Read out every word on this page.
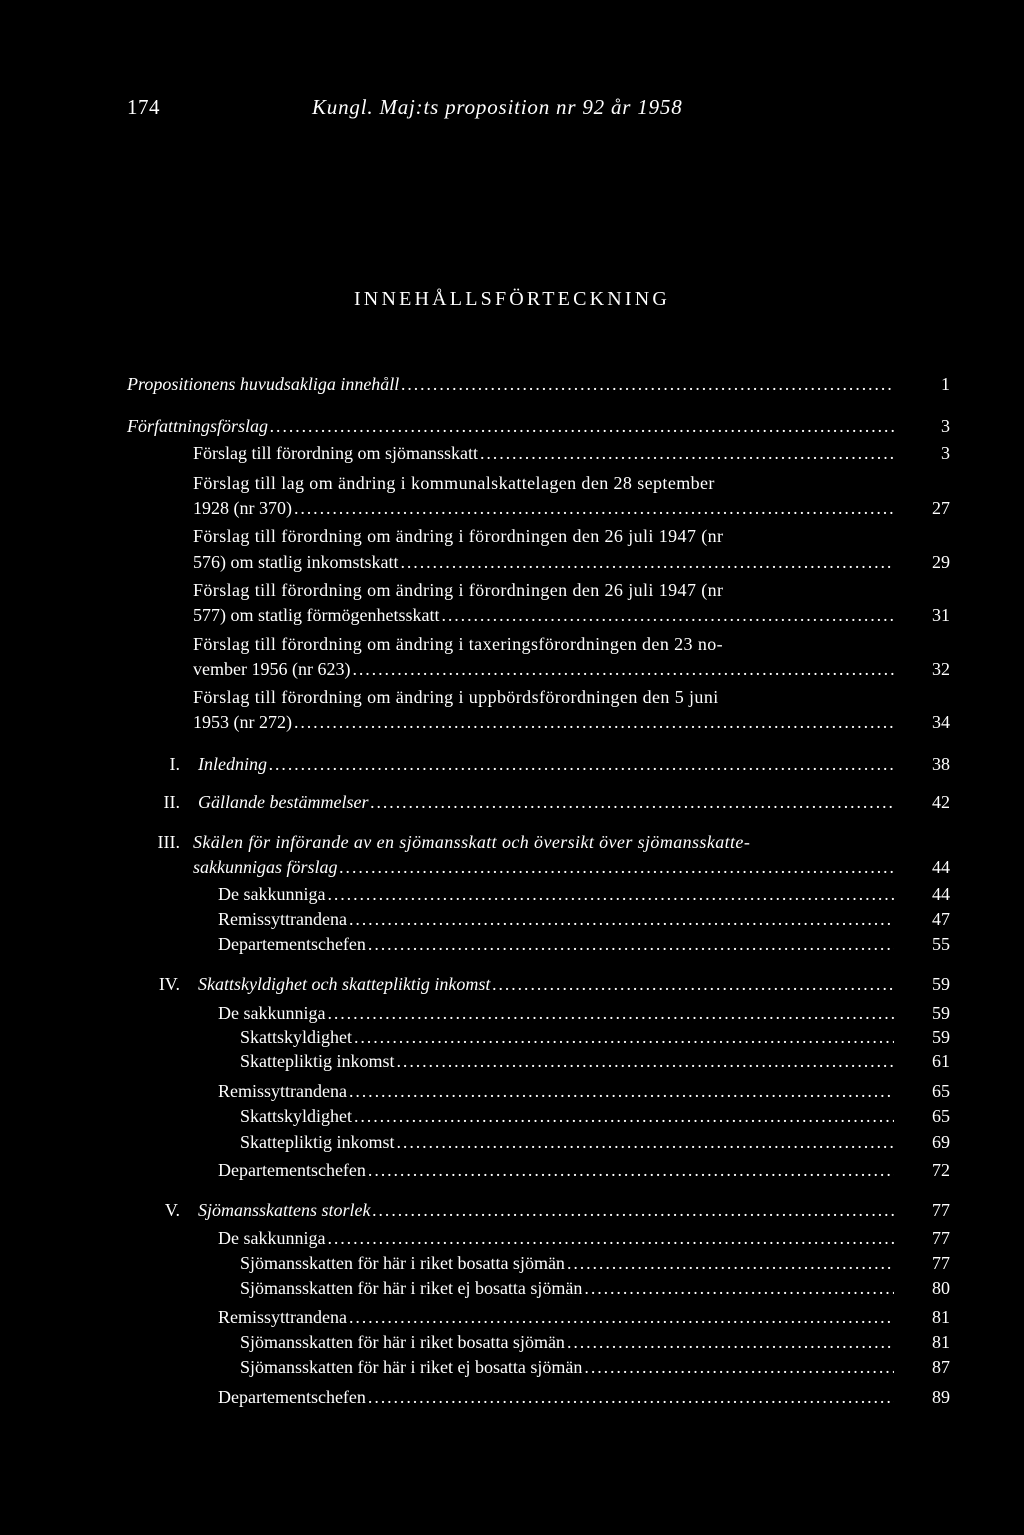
174	Kungl. Maj:ts proposition nr 92 år 1958
INNEHÅLLSFÖRTECKNING
Propositionens huvudsakliga innehåll .....	1
Författningsförslag .....	3
Förslag till förordning om sjömansskatt .....	3
Förslag till lag om ändring i kommunalskattelagen den 28 september
1928 (nr 370) .....	27
Förslag till förordning om ändring i förordningen den 26 juli 1947 (nr
576) om statlig inkomstskatt .....	29
Förslag till förordning om ändring i förordningen den 26 juli 1947 (nr
577) om statlig förmögenhetsskatt .....	31
Förslag till förordning om ändring i taxeringsförordningen den 23 no-
vember 1956 (nr 623) .....	32
Förslag till förordning om ändring i uppbördsförordningen den 5 juni
1953 (nr 272) .....	34
I. Inledning .....	38
II. Gällande bestämmelser .....	42
III. Skälen för införande av en sjömansskatt och översikt över sjömansskatte-
sakkunnigas förslag .....	44
De sakkunniga .....	44
Remissyttrandena .....	47
Departementschefen .....	55
IV. Skattskyldighet och skattepliktig inkomst .....	59
De sakkunniga .....	59
Skattskyldighet .....	59
Skattepliktig inkomst .....	61
Remissyttrandena .....	65
Skattskyldighet .....	65
Skattepliktig inkomst .....	69
Departementschefen .....	72
V. Sjömansskattens storlek .....	77
De sakkunniga .....	77
Sjömansskatten för här i riket bosatta sjömän .....	77
Sjömansskatten för här i riket ej bosatta sjömän .....	80
Remissyttrandena .....	81
Sjömansskatten för här i riket bosatta sjömän .....	81
Sjömansskatten för här i riket ej bosatta sjömän .....	87
Departementschefen .....	89
